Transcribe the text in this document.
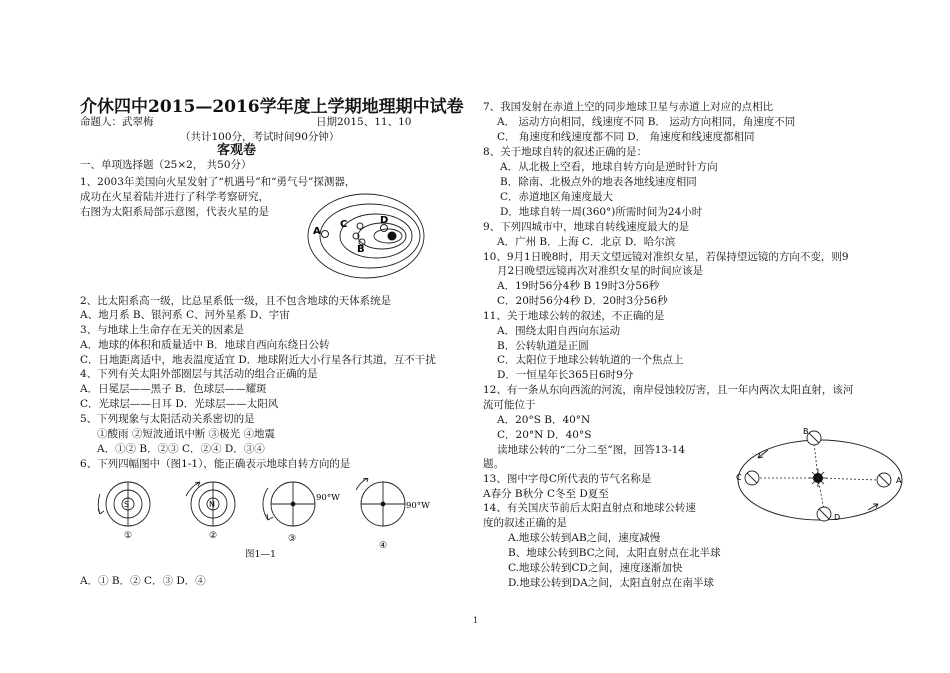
介休四中2015—2016学年度上学期地理期中试卷
命题人：武翠梅	日期2015、11、10
（共计100分，考试时间90分钟）
客观卷
一、单项选择题（25×2， 共50分）
1、2003年美国向火星发射了“机遇号”和“勇气号”探测器，
成功在火星着陆并进行了科学考察研究，
右图为太阳系局部示意图，代表火星的是
A
C	D
B
2、比太阳系高一级，比总星系低一级，且不包含地球的天体系统是
A、地月系 B、银河系 C、河外星系 D、宇宙
3、与地球上生命存在无关的因素是
A．地球的体积和质量适中 B．地球自西向东绕日公转
C．日地距离适中，地表温度适宜 D．地球附近大小行星各行其道，互不干扰
4、下列有关太阳外部圈层与其活动的组合正确的是
A．日冕层——黑子 B．色球层——耀斑
C．光球层——日耳 D．光球层——太阳风
5、下列现象与太阳活动关系密切的是
①酸雨 ②短波通讯中断 ③极光 ④地震
A．①② B．②③ C．②④ D．③④
6、下列四幅图中（图1-1），能正确表示地球自转方向的是
S	N
90°W
90°W
①	②	③
④
图1—1
A．① B．② C．③ D．④
7、我国发射在赤道上空的同步地球卫星与赤道上对应的点相比
A． 运动方向相同，线速度不同 B． 运动方向相同，角速度不同
C． 角速度和线速度都不同 D． 角速度和线速度都相同
8、关于地球自转的叙述正确的是：
A．从北极上空看，地球自转方向是逆时针方向
B．除南、北极点外的地表各地线速度相同
C．赤道地区角速度最大
D．地球自转一周(360°)所需时间为24小时
9、下列四城市中，地球自转线速度最大的是
A．广州 B．上海 C．北京 D．哈尔滨
10、9月1日晚8时，用天文望远镜对准织女星，若保持望远镜的方向不变，则9
月2日晚望远镜再次对准织女星的时间应该是
A．19时56分4秒 B 19时3分56秒
C．20时56分4秒 D．20时3分56秒
11、关于地球公转的叙述，不正确的是
A．围绕太阳自西向东运动
B．公转轨道是正圆
C．太阳位于地球公转轨道的一个焦点上
D．一恒星年长365日6时9分
12、有一条从东向西流的河流，南岸侵蚀较厉害，且一年内两次太阳直射，该河
流可能位于
A．20°S B．40°N
C．20°N D．40°S
读地球公转的“二分二至”图，回答13-14
题。
13、图中字母C所代表的节气名称是
A春分 B秋分 C冬至 D夏至
14、有关国庆节前后太阳直射点和地球公转速
度的叙述正确的是
A.地球公转到AB之间，速度减慢
B、地球公转到BC之间，太阳直射点在北半球
C.地球公转到CD之间，速度逐渐加快
D.地球公转到DA之间，太阳直射点在南半球
A
B
C
D
1
